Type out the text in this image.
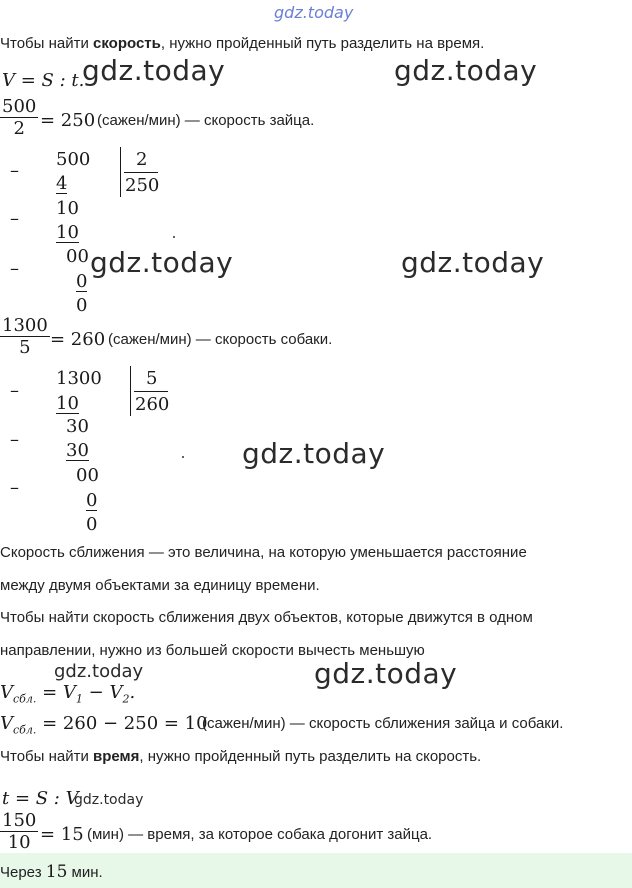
gdz.today
Чтобы найти скорость, нужно пройденный путь разделить на время.
V = S : t.
gdz.today	gdz.today
$\frac{500}{2} = 250$ (сажен/мин) — скорость зайца.
–
500	2
250
4
– 10
10
–
00 gdz.today	gdz.today
0
0
$\frac{1300}{5} = 260$ (сажен/мин) — скорость собаки.
–
1300 5
260
10
–
30
30	gdz.today
–
00
0
0
Скорость сближения — это величина, на которую уменьшается расстояние
между двумя объектами за единицу времени.
Чтобы найти скорость сближения двух объектов, которые движутся в одном
направлении, нужно из большей скорости вычесть меньшую
gdz.today	gdz.today
$V_{сбл.} = V_1 - V_2$.
$V_{сбл.} = 260 - 250 = 10$
(сажен/мин) — скорость сближения зайца и собаки.
Чтобы найти время, нужно пройденный путь разделить на скорость.
t = S : V
gdz.today
$\frac{150}{10} = 15$ (мин) — время, за которое собака догонит зайца.
Через 15 мин.
